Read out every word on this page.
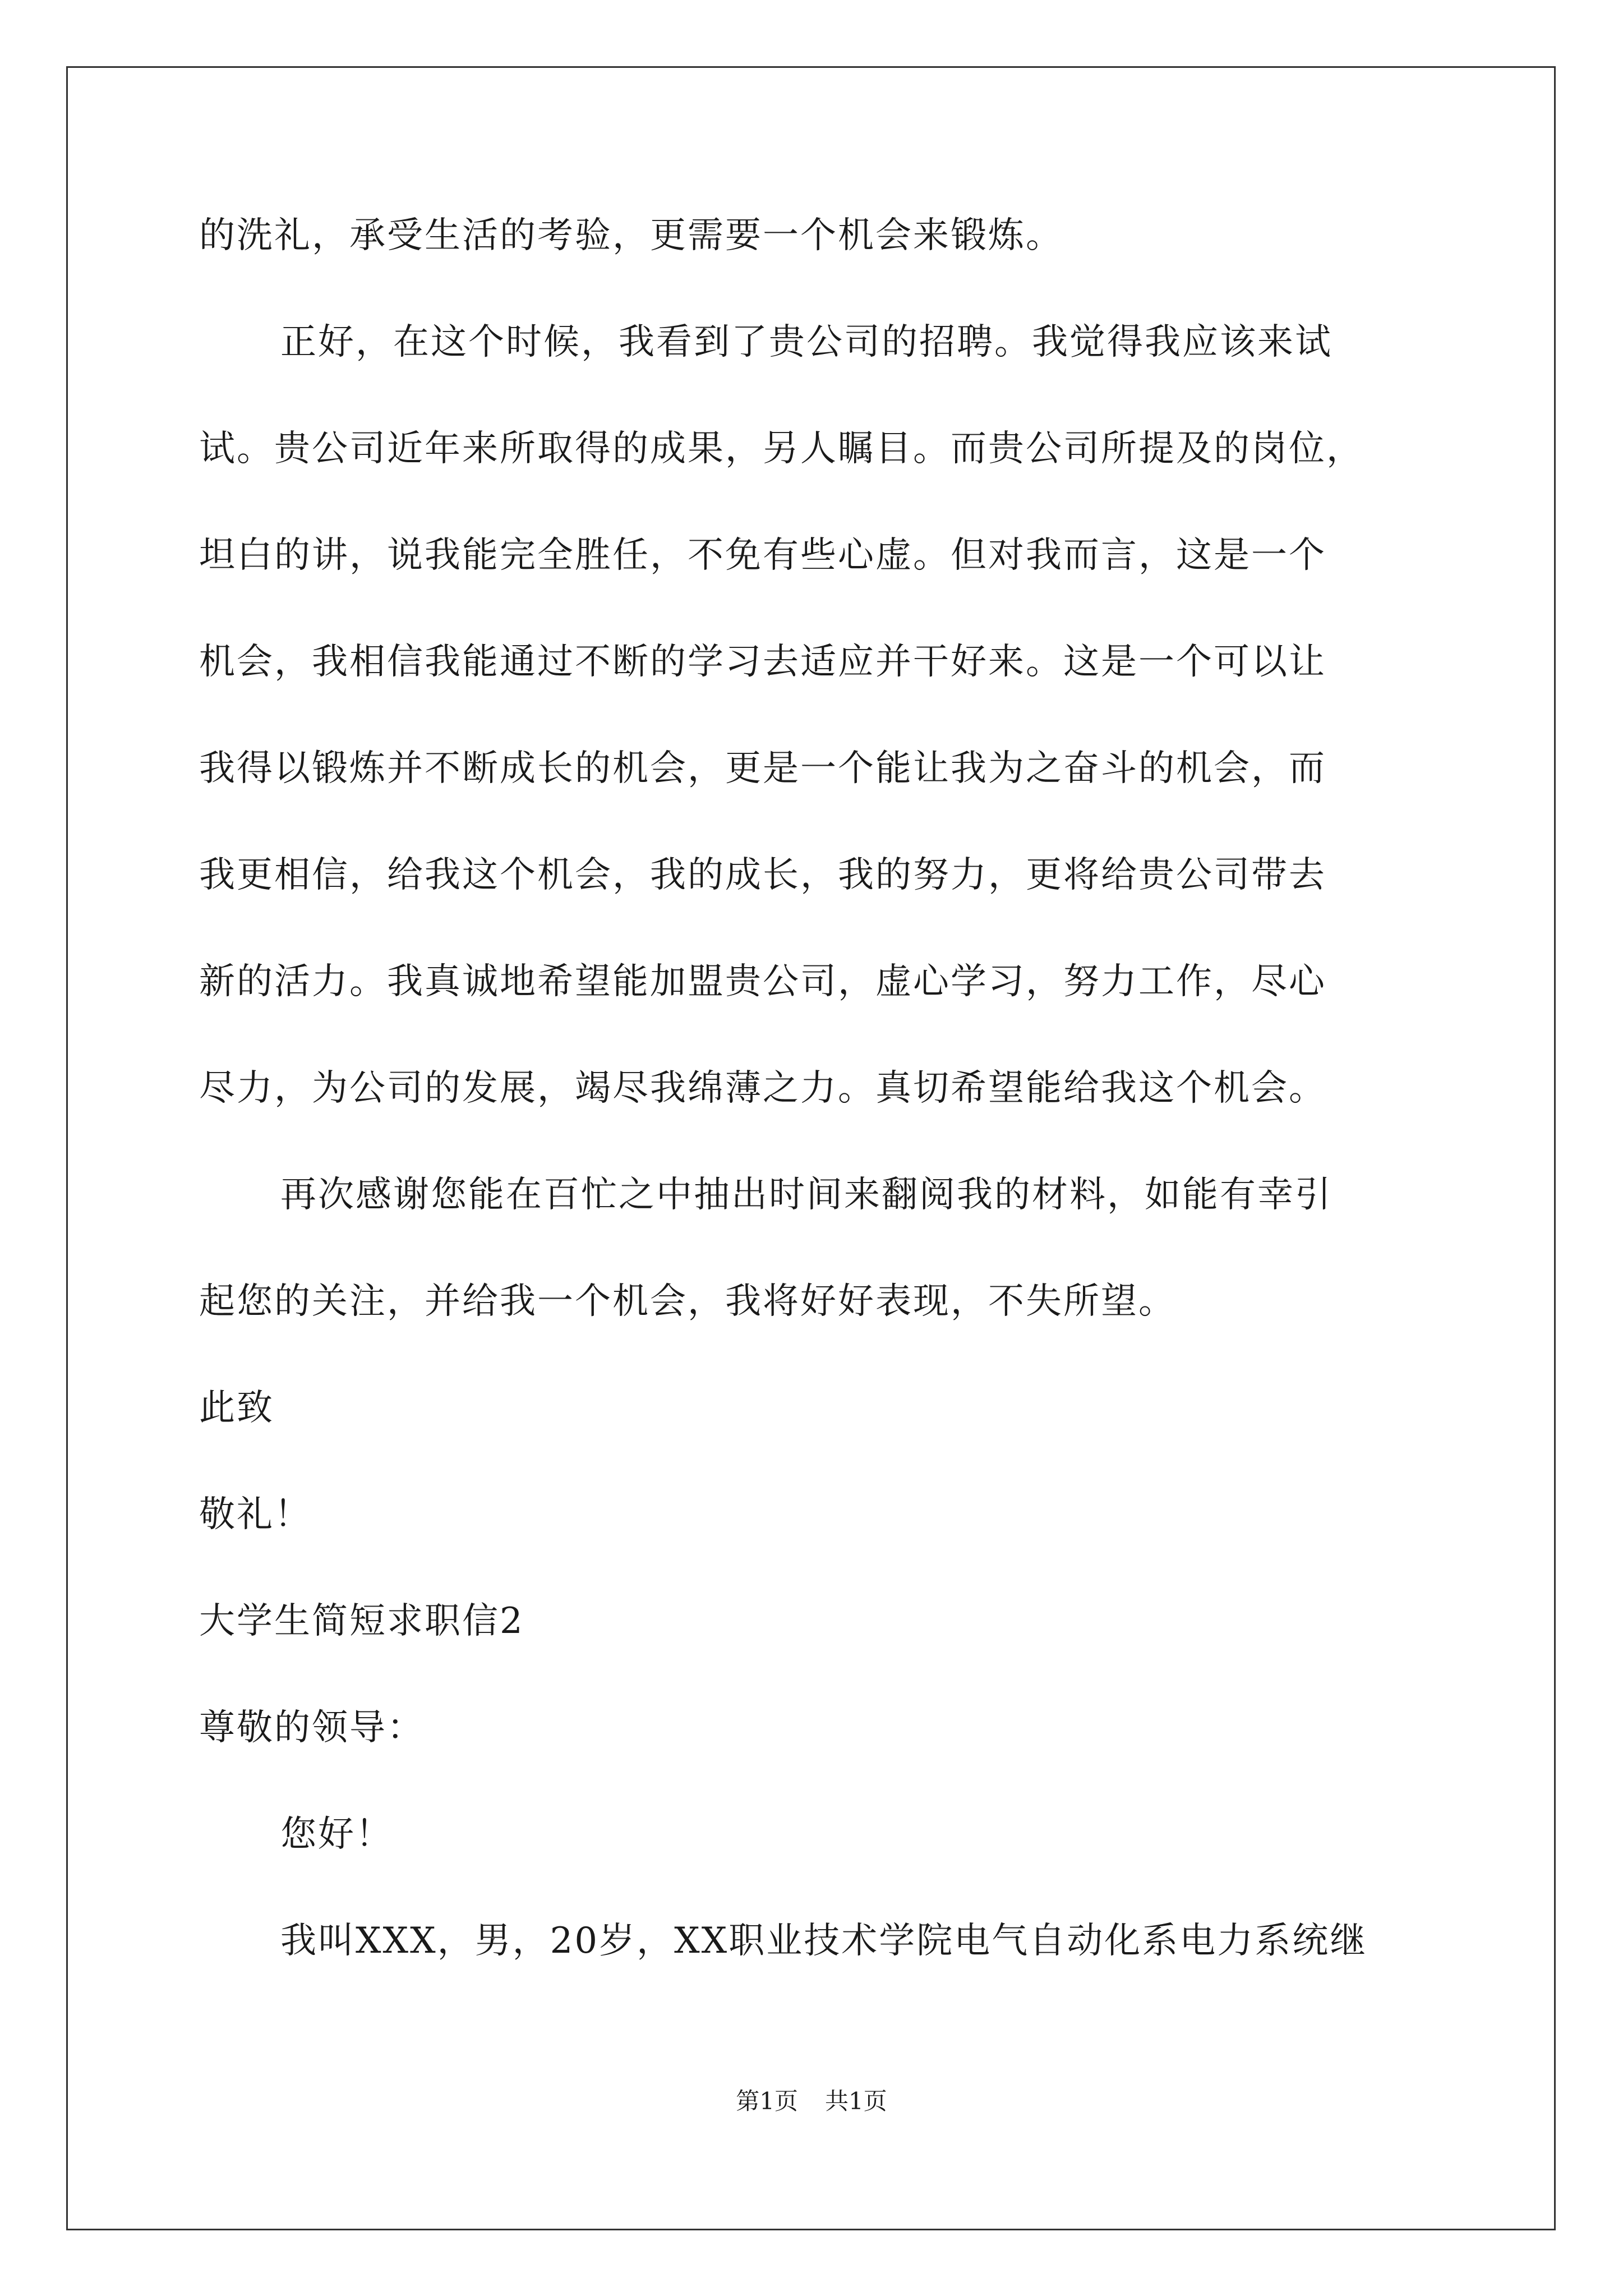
的洗礼，承受生活的考验，更需要一个机会来锻炼。
正好，在这个时候，我看到了贵公司的招聘。我觉得我应该来试
试。贵公司近年来所取得的成果，另人瞩目。而贵公司所提及的岗位，
坦白的讲，说我能完全胜任，不免有些心虚。但对我而言，这是一个
机会，我相信我能通过不断的学习去适应并干好来。这是一个可以让
我得以锻炼并不断成长的机会，更是一个能让我为之奋斗的机会，而
我更相信，给我这个机会，我的成长，我的努力，更将给贵公司带去
新的活力。我真诚地希望能加盟贵公司，虚心学习，努力工作，尽心
尽力，为公司的发展，竭尽我绵薄之力。真切希望能给我这个机会。
再次感谢您能在百忙之中抽出时间来翻阅我的材料，如能有幸引
起您的关注，并给我一个机会，我将好好表现，不失所望。
此致
敬礼！
大学生简短求职信2
尊敬的领导：
您好！
我叫XXX，男，20岁，XX职业技术学院电气自动化系电力系统继
第1页 共1页
